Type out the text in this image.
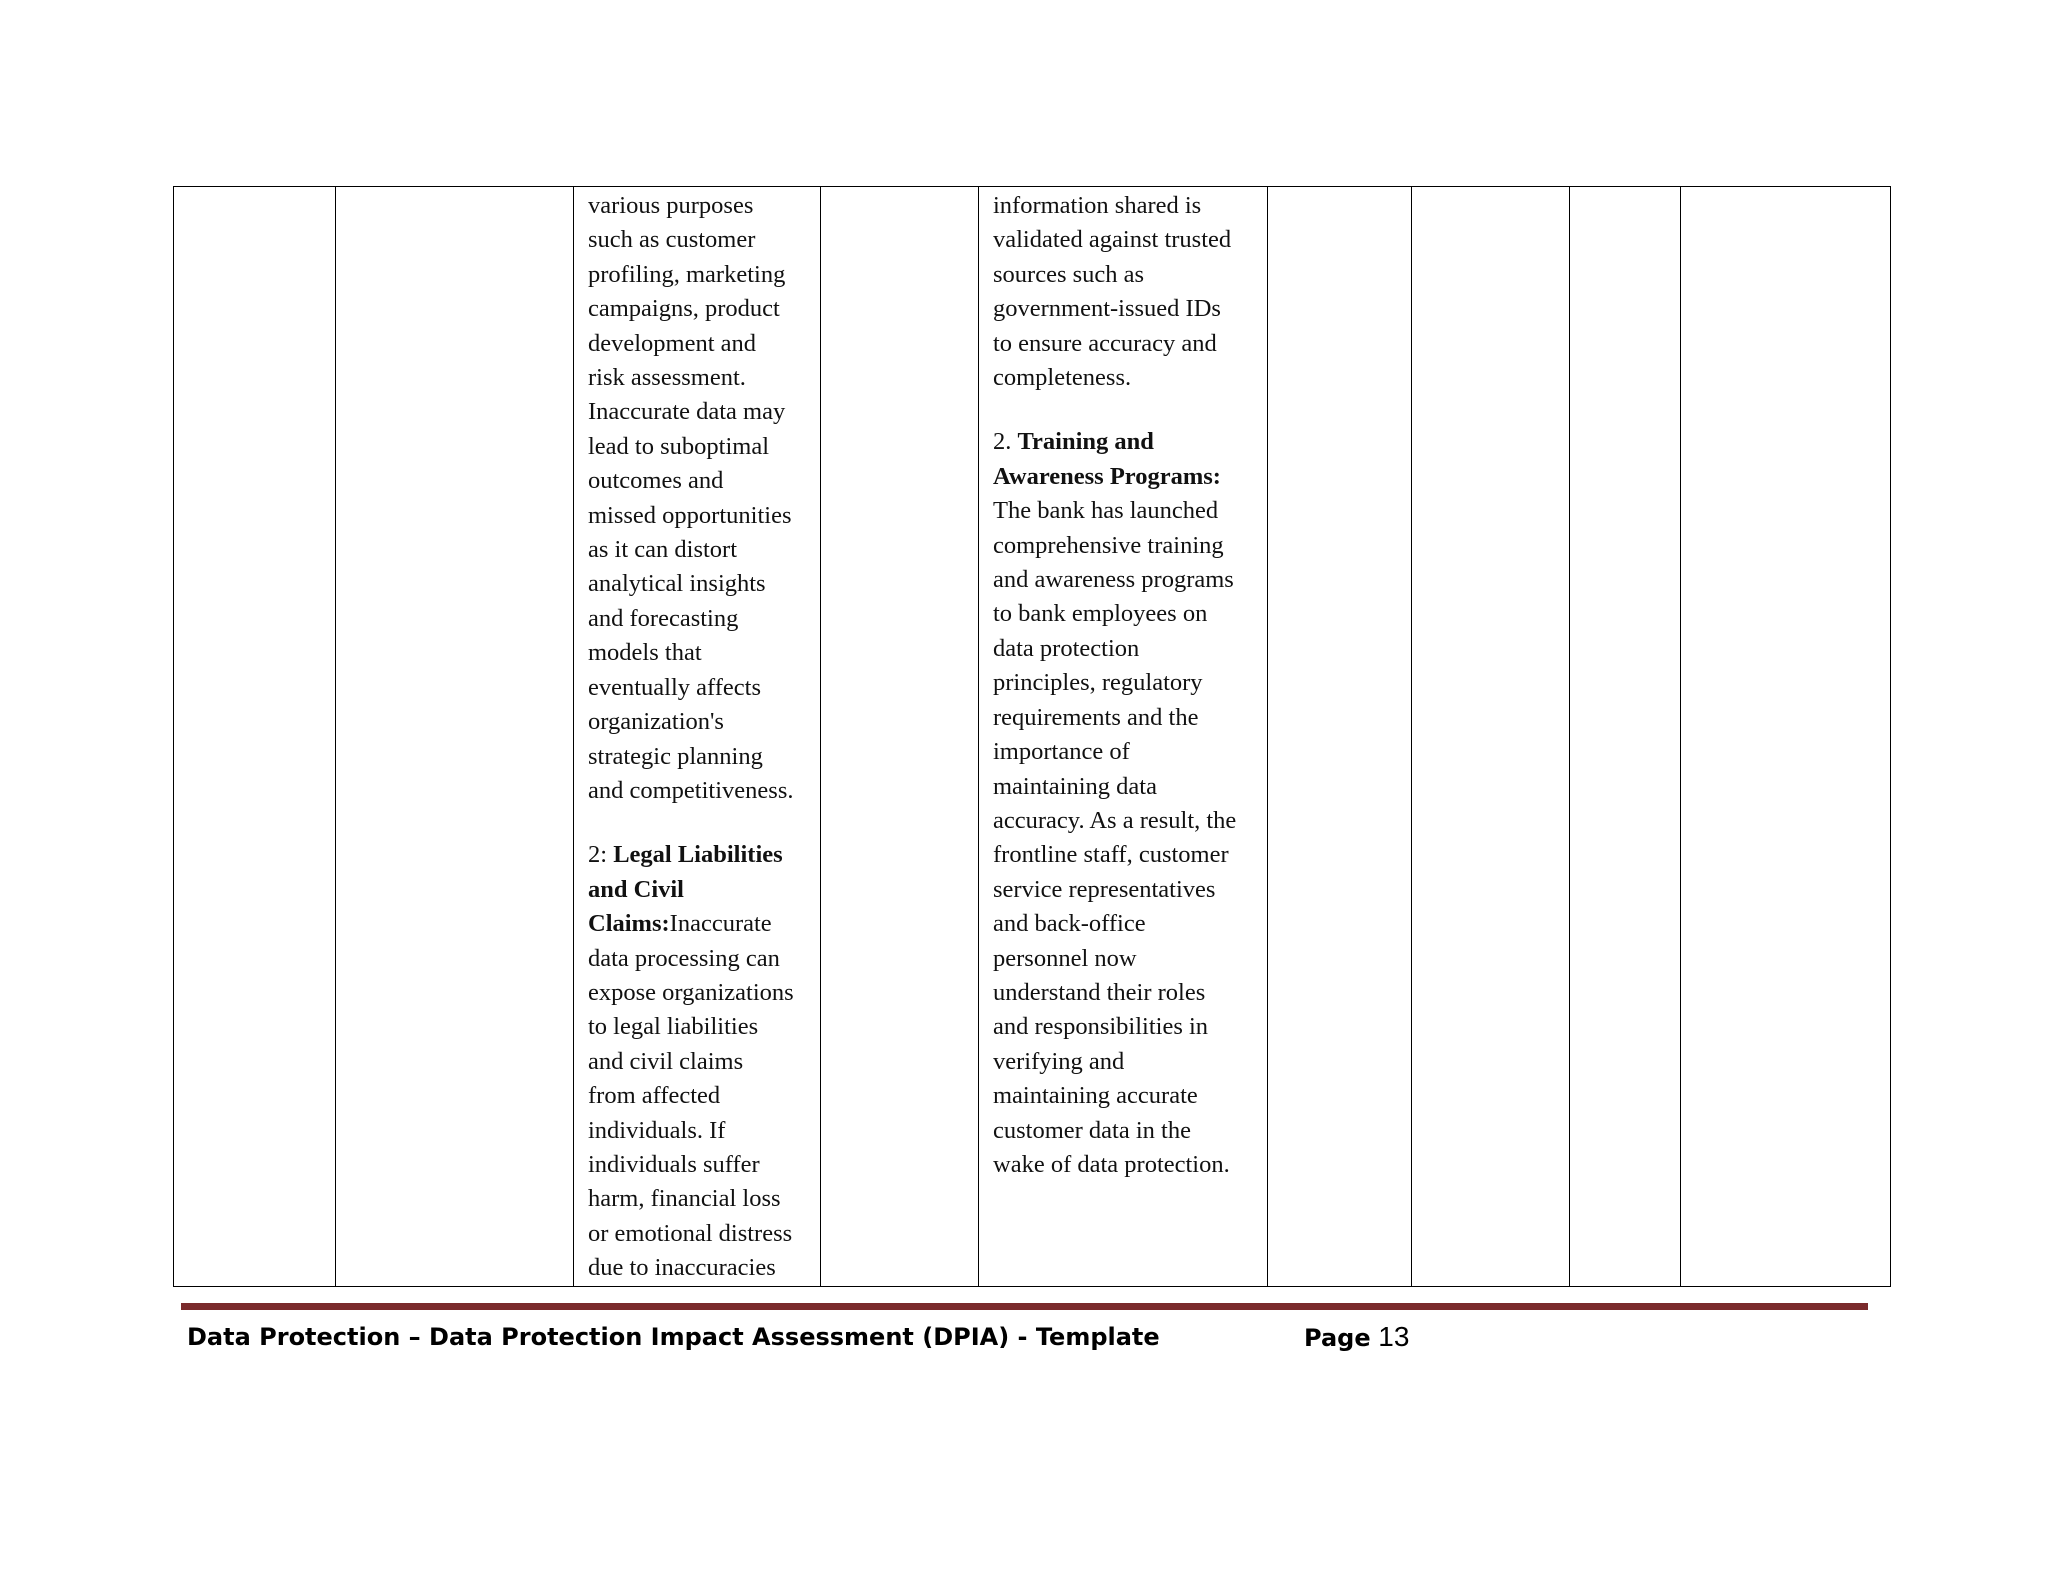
various purposes
such as customer
profiling, marketing
campaigns, product
development and
risk assessment.
Inaccurate data may
lead to suboptimal
outcomes and
missed opportunities
as it can distort
analytical insights
and forecasting
models that
eventually affects
organization's
strategic planning
and competitiveness.
2: Legal Liabilities
and Civil
Claims:Inaccurate
data processing can
expose organizations
to legal liabilities
and civil claims
from affected
individuals. If
individuals suffer
harm, financial loss
or emotional distress
due to inaccuracies

information shared is
validated against trusted
sources such as
government-issued IDs
to ensure accuracy and
completeness.
2. Training and
Awareness Programs:
The bank has launched
comprehensive training
and awareness programs
to bank employees on
data protection
principles, regulatory
requirements and the
importance of
maintaining data
accuracy. As a result, the
frontline staff, customer
service representatives
and back-office
personnel now
understand their roles
and responsibilities in
verifying and
maintaining accurate
customer data in the
wake of data protection.

Data Protection – Data Protection Impact Assessment (DPIA) - Template	Page 13
